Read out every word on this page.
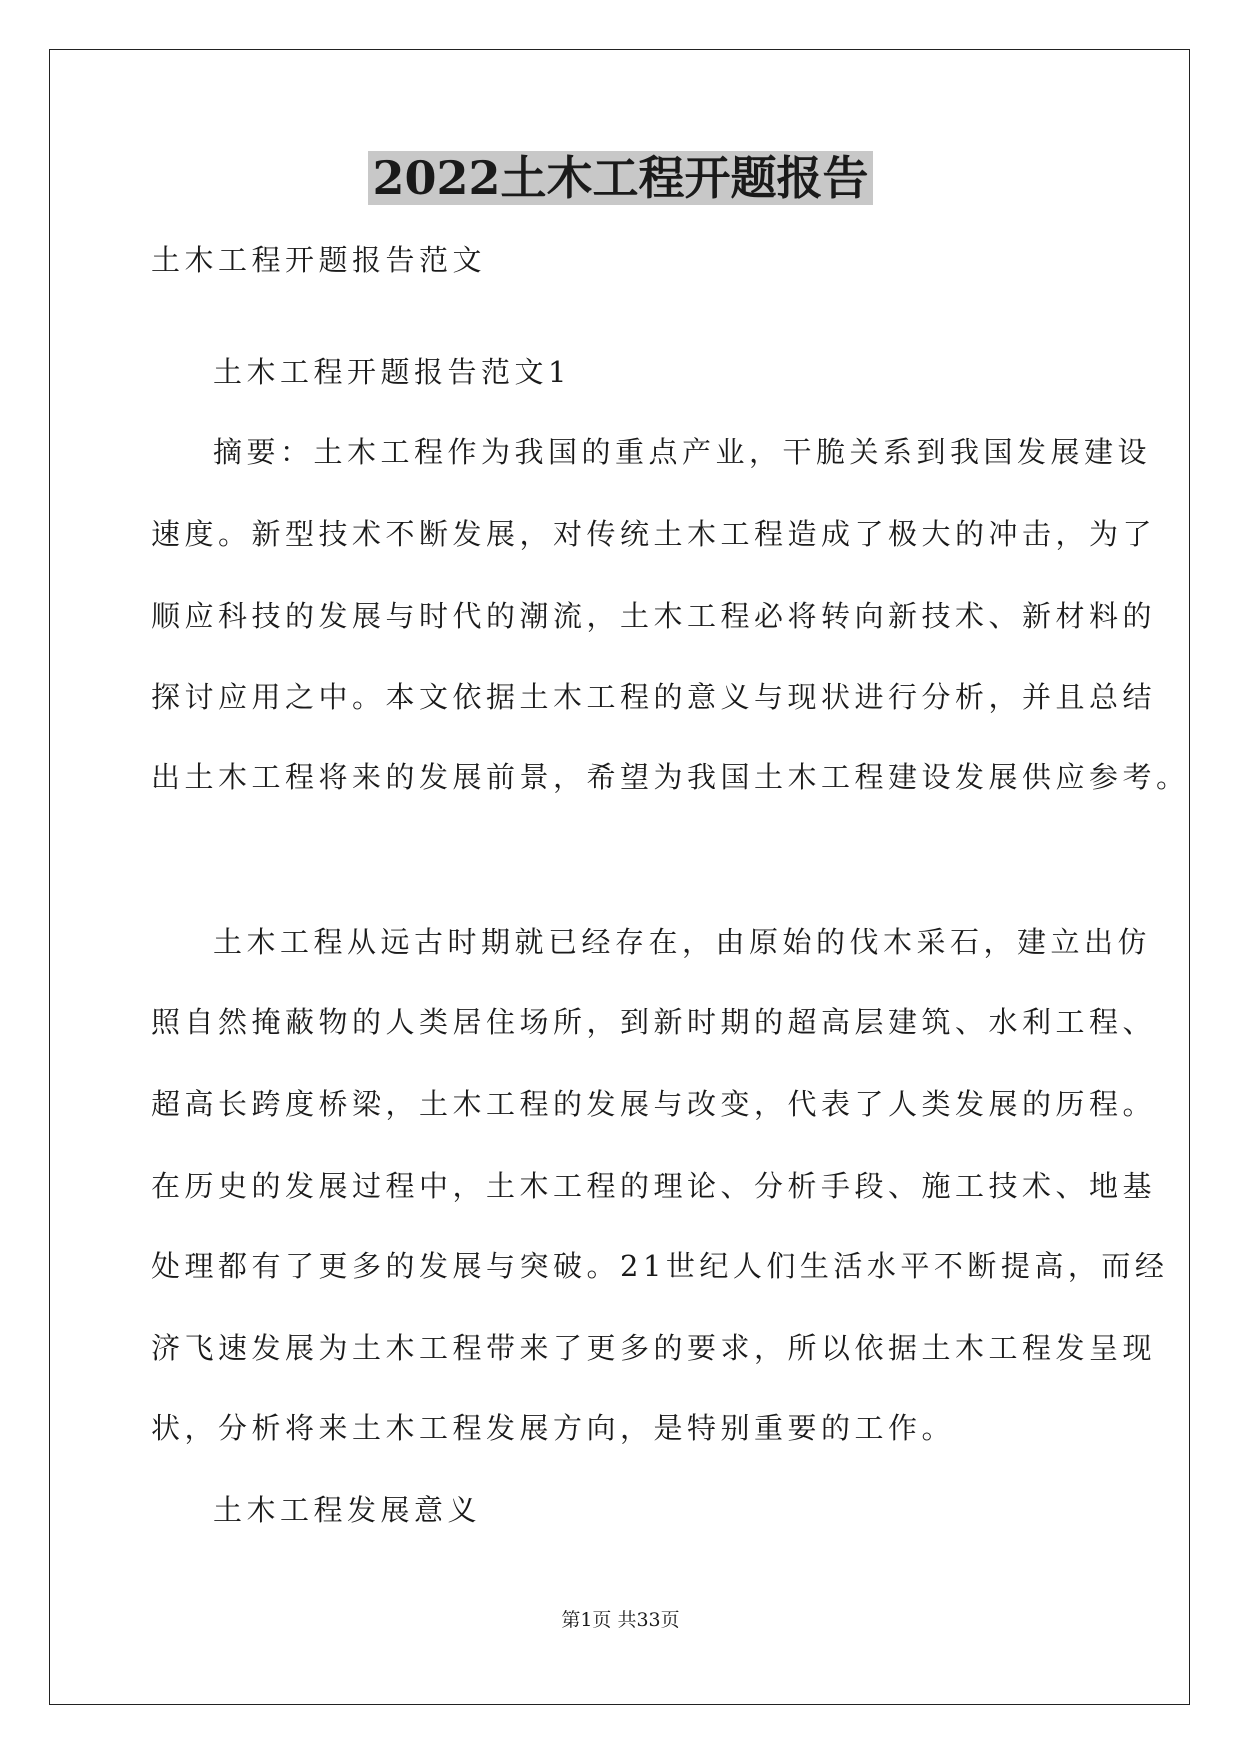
2022土木工程开题报告
土木工程开题报告范文
土木工程开题报告范文1
摘要：土木工程作为我国的重点产业，干脆关系到我国发展建设
速度。新型技术不断发展，对传统土木工程造成了极大的冲击，为了
顺应科技的发展与时代的潮流，土木工程必将转向新技术、新材料的
探讨应用之中。本文依据土木工程的意义与现状进行分析，并且总结
出土木工程将来的发展前景，希望为我国土木工程建设发展供应参考。
土木工程从远古时期就已经存在，由原始的伐木采石，建立出仿
照自然掩蔽物的人类居住场所，到新时期的超高层建筑、水利工程、
超高长跨度桥梁，土木工程的发展与改变，代表了人类发展的历程。
在历史的发展过程中，土木工程的理论、分析手段、施工技术、地基
处理都有了更多的发展与突破。21世纪人们生活水平不断提高，而经
济飞速发展为土木工程带来了更多的要求，所以依据土木工程发呈现
状，分析将来土木工程发展方向，是特别重要的工作。
土木工程发展意义
第1页 共33页
